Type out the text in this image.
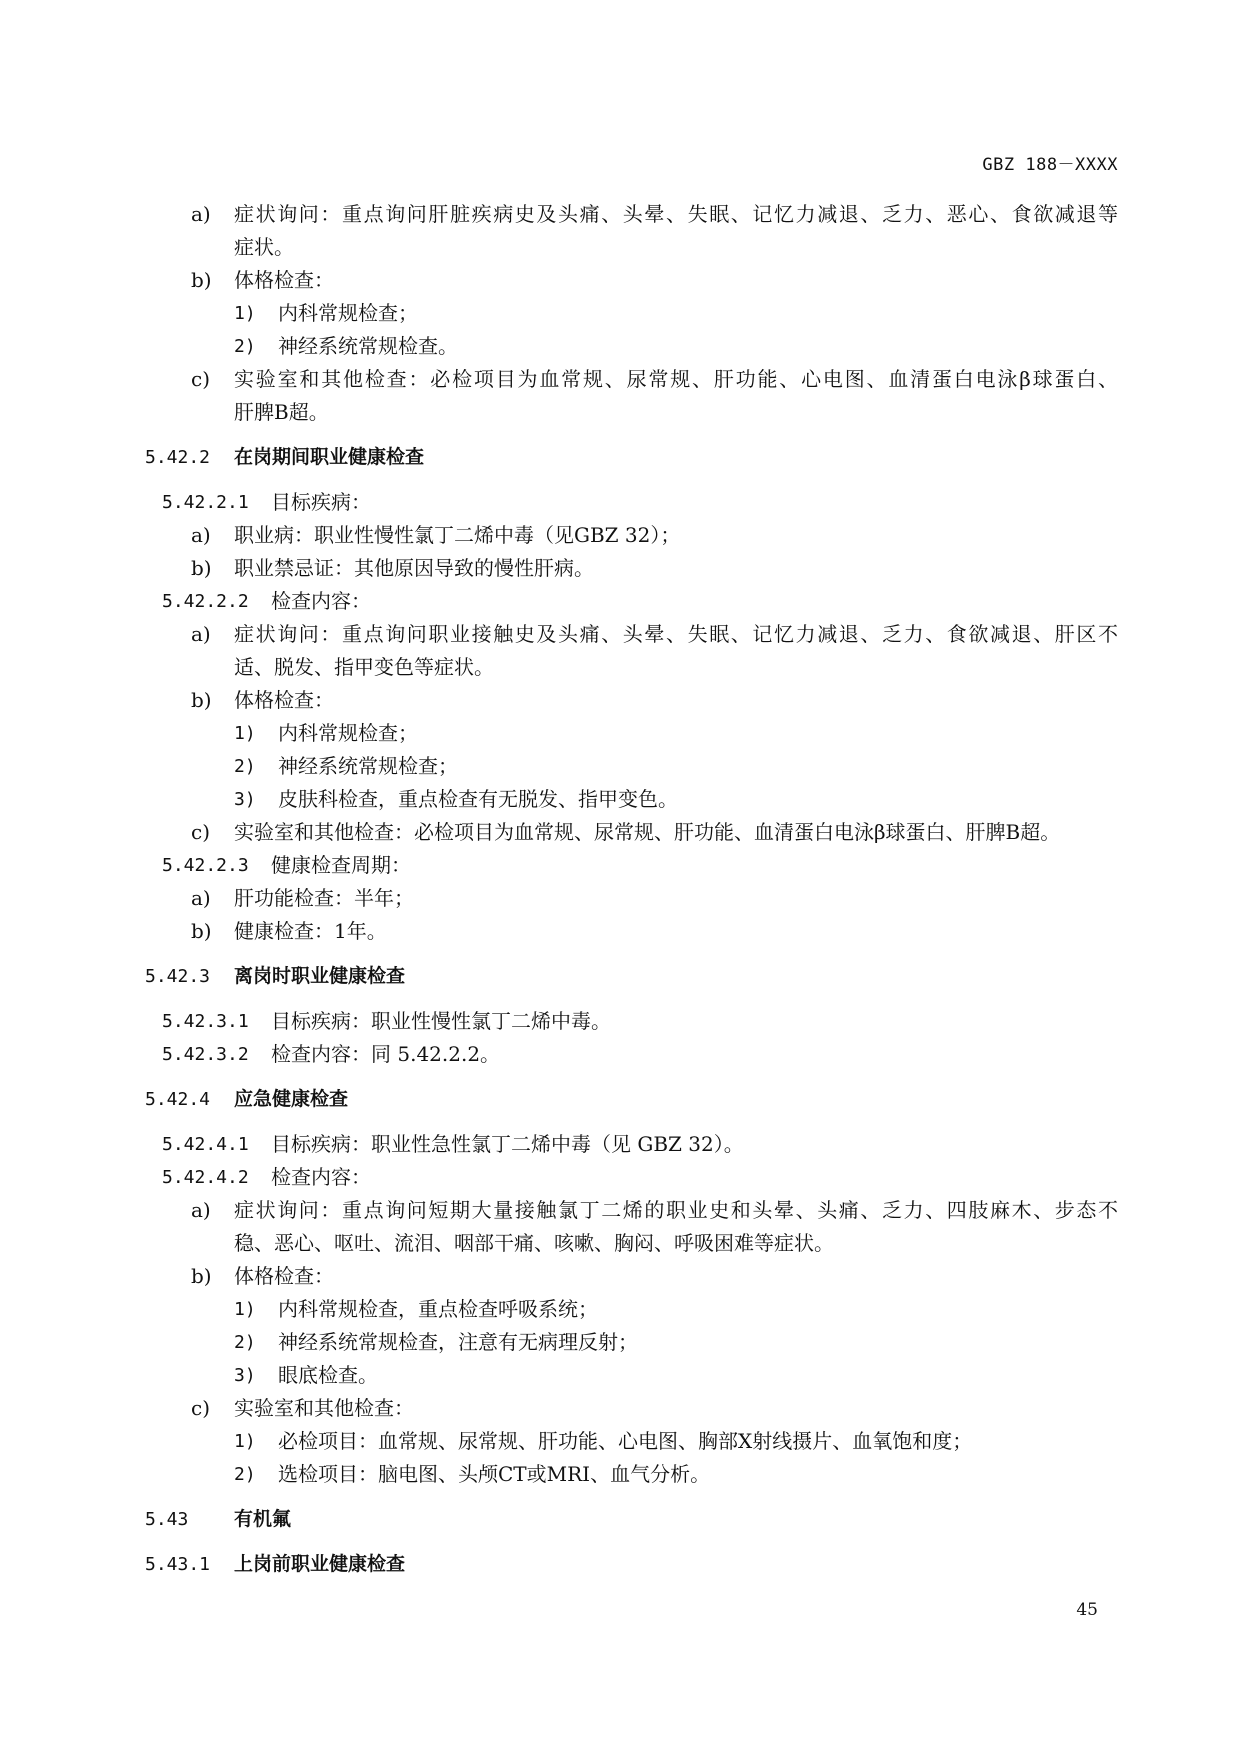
GBZ 188－XXXX
a) 症状询问：重点询问肝脏疾病史及头痛、头晕、失眠、记忆力减退、乏力、恶心、食欲减退等
症状。
b) 体格检查：
1) 内科常规检查；
2) 神经系统常规检查。
c) 实验室和其他检查：必检项目为血常规、尿常规、肝功能、心电图、血清蛋白电泳β球蛋白、
肝脾B超。
5.42.2 在岗期间职业健康检查
5.42.2.1 目标疾病：
a) 职业病：职业性慢性氯丁二烯中毒（见GBZ 32）；
b) 职业禁忌证：其他原因导致的慢性肝病。
5.42.2.2 检查内容：
a) 症状询问：重点询问职业接触史及头痛、头晕、失眠、记忆力减退、乏力、食欲减退、肝区不
适、脱发、指甲变色等症状。
b) 体格检查：
1) 内科常规检查；
2) 神经系统常规检查；
3) 皮肤科检查，重点检查有无脱发、指甲变色。
c) 实验室和其他检查：必检项目为血常规、尿常规、肝功能、血清蛋白电泳β球蛋白、肝脾B超。
5.42.2.3 健康检查周期：
a) 肝功能检查：半年；
b) 健康检查：1年。
5.42.3 离岗时职业健康检查
5.42.3.1 目标疾病：职业性慢性氯丁二烯中毒。
5.42.3.2 检查内容：同 5.42.2.2。
5.42.4 应急健康检查
5.42.4.1 目标疾病：职业性急性氯丁二烯中毒（见 GBZ 32）。
5.42.4.2 检查内容：
a) 症状询问：重点询问短期大量接触氯丁二烯的职业史和头晕、头痛、乏力、四肢麻木、步态不
稳、恶心、呕吐、流泪、咽部干痛、咳嗽、胸闷、呼吸困难等症状。
b) 体格检查：
1) 内科常规检查，重点检查呼吸系统；
2) 神经系统常规检查，注意有无病理反射；
3) 眼底检查。
c) 实验室和其他检查：
1) 必检项目：血常规、尿常规、肝功能、心电图、胸部X射线摄片、血氧饱和度；
2) 选检项目：脑电图、头颅CT或MRI、血气分析。
5.43 有机氟
5.43.1 上岗前职业健康检查
45
